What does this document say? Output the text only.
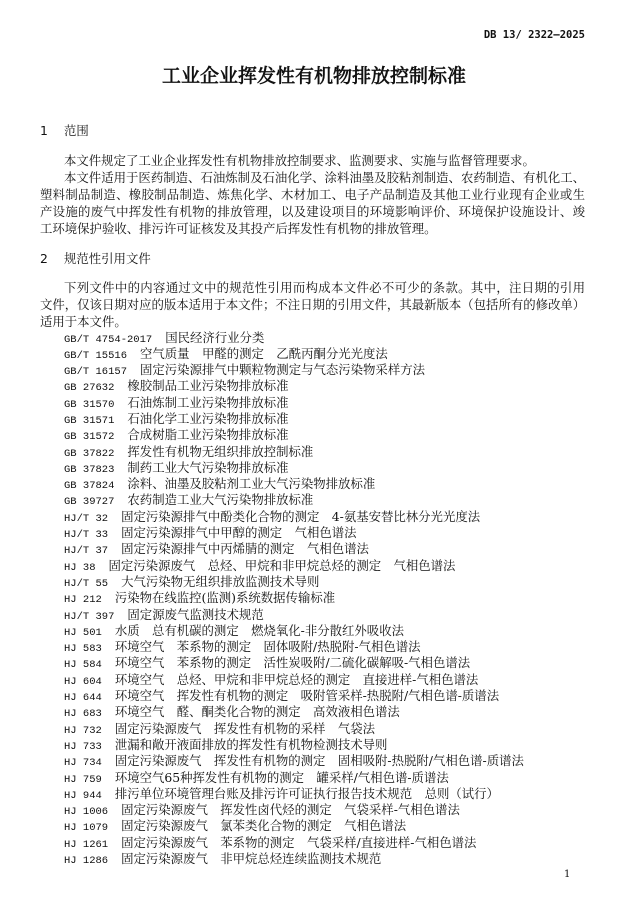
DB 13/ 2322—2025
工业企业挥发性有机物排放控制标准
1 范围
本文件规定了工业企业挥发性有机物排放控制要求、监测要求、实施与监督管理要求。
本文件适用于医药制造、石油炼制及石油化学、涂料油墨及胶粘剂制造、农药制造、有机化工、
塑料制品制造、橡胶制品制造、炼焦化学、木材加工、电子产品制造及其他工业行业现有企业或生
产设施的废气中挥发性有机物的排放管理，以及建设项目的环境影响评价、环境保护设施设计、竣
工环境保护验收、排污许可证核发及其投产后挥发性有机物的排放管理。
2 规范性引用文件
下列文件中的内容通过文中的规范性引用而构成本文件必不可少的条款。其中，注日期的引用
文件，仅该日期对应的版本适用于本文件；不注日期的引用文件，其最新版本（包括所有的修改单）
适用于本文件。
GB/T 4754-2017 国民经济行业分类
GB/T 15516 空气质量　甲醛的测定　乙酰丙酮分光光度法
GB/T 16157 固定污染源排气中颗粒物测定与气态污染物采样方法
GB 27632 橡胶制品工业污染物排放标准
GB 31570 石油炼制工业污染物排放标准
GB 31571 石油化学工业污染物排放标准
GB 31572 合成树脂工业污染物排放标准
GB 37822 挥发性有机物无组织排放控制标准
GB 37823 制药工业大气污染物排放标准
GB 37824 涂料、油墨及胶粘剂工业大气污染物排放标准
GB 39727 农药制造工业大气污染物排放标准
HJ/T 32 固定污染源排气中酚类化合物的测定　4-氨基安替比林分光光度法
HJ/T 33 固定污染源排气中甲醇的测定　气相色谱法
HJ/T 37 固定污染源排气中丙烯腈的测定　气相色谱法
HJ 38 固定污染源废气　总烃、甲烷和非甲烷总烃的测定　气相色谱法
HJ/T 55 大气污染物无组织排放监测技术导则
HJ 212 污染物在线监控(监测)系统数据传输标准
HJ/T 397 固定源废气监测技术规范
HJ 501 水质　总有机碳的测定　燃烧氧化-非分散红外吸收法
HJ 583 环境空气　苯系物的测定　固体吸附/热脱附-气相色谱法
HJ 584 环境空气　苯系物的测定　活性炭吸附/二硫化碳解吸-气相色谱法
HJ 604 环境空气　总烃、甲烷和非甲烷总烃的测定　直接进样-气相色谱法
HJ 644 环境空气　挥发性有机物的测定　吸附管采样-热脱附/气相色谱-质谱法
HJ 683 环境空气　醛、酮类化合物的测定　高效液相色谱法
HJ 732 固定污染源废气　挥发性有机物的采样　气袋法
HJ 733 泄漏和敞开液面排放的挥发性有机物检测技术导则
HJ 734 固定污染源废气　挥发性有机物的测定　固相吸附-热脱附/气相色谱-质谱法
HJ 759 环境空气65种挥发性有机物的测定　罐采样/气相色谱-质谱法
HJ 944 排污单位环境管理台账及排污许可证执行报告技术规范　总则（试行）
HJ 1006 固定污染源废气　挥发性卤代烃的测定　气袋采样-气相色谱法
HJ 1079 固定污染源废气　氯苯类化合物的测定　气相色谱法
HJ 1261 固定污染源废气　苯系物的测定　气袋采样/直接进样-气相色谱法
HJ 1286 固定污染源废气　非甲烷总烃连续监测技术规范
1
